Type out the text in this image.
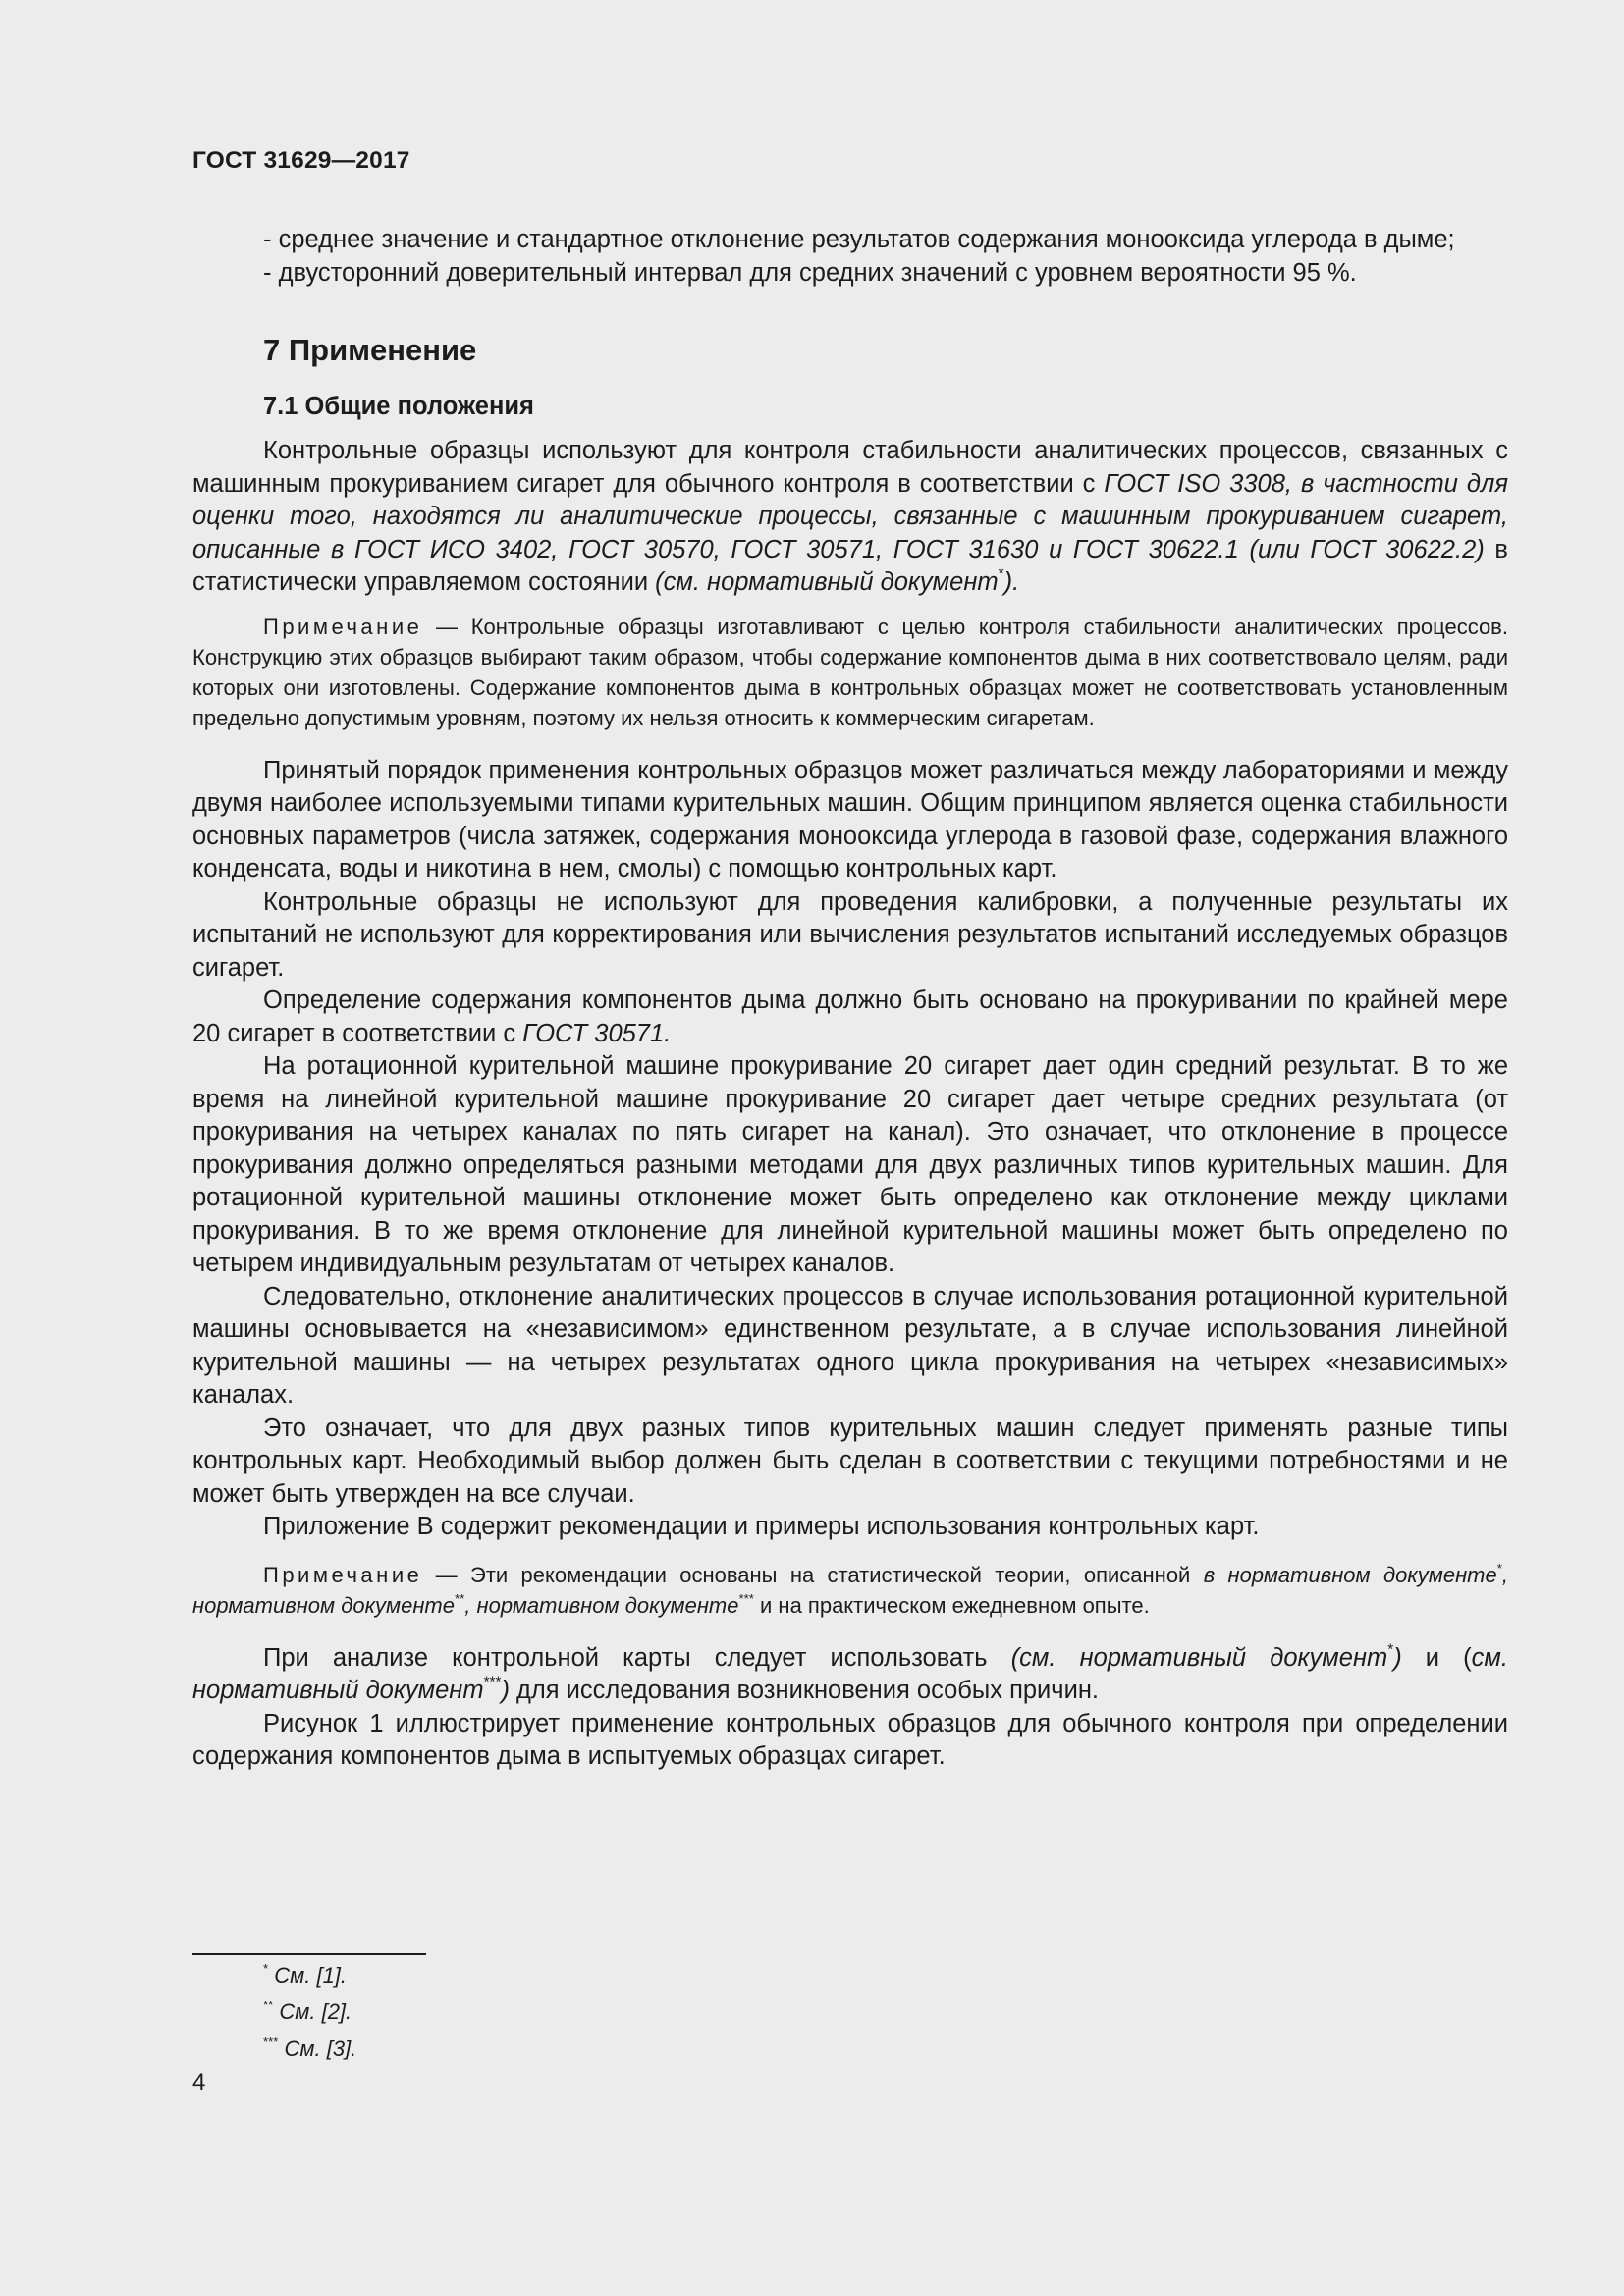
ГОСТ 31629—2017

- среднее значение и стандартное отклонение результатов содержания монооксида углерода в дыме;

- двусторонний доверительный интервал для средних значений с уровнем вероятности 95 %.

7 Применение
7.1 Общие положения

Контрольные образцы используют для контроля стабильности аналитических процессов, связанных с машинным прокуриванием сигарет для обычного контроля в соответствии с ГОСТ ISO 3308, в частности для оценки того, находятся ли аналитические процессы, связанные с машинным прокуриванием сигарет, описанные в ГОСТ ИСО 3402, ГОСТ 30570, ГОСТ 30571, ГОСТ 31630 и ГОСТ 30622.1 (или ГОСТ 30622.2) в статистически управляемом состоянии (см. нормативный документ*).

Примечание — Контрольные образцы изготавливают с целью контроля стабильности аналитических процессов. Конструкцию этих образцов выбирают таким образом, чтобы содержание компонентов дыма в них соответствовало целям, ради которых они изготовлены. Содержание компонентов дыма в контрольных образцах может не соответствовать установленным предельно допустимым уровням, поэтому их нельзя относить к коммерческим сигаретам.

Принятый порядок применения контрольных образцов может различаться между лабораториями и между двумя наиболее используемыми типами курительных машин. Общим принципом является оценка стабильности основных параметров (числа затяжек, содержания монооксида углерода в газовой фазе, содержания влажного конденсата, воды и никотина в нем, смолы) с помощью контрольных карт.

Контрольные образцы не используют для проведения калибровки, а полученные результаты их испытаний не используют для корректирования или вычисления результатов испытаний исследуемых образцов сигарет.

Определение содержания компонентов дыма должно быть основано на прокуривании по крайней мере 20 сигарет в соответствии с ГОСТ 30571.

На ротационной курительной машине прокуривание 20 сигарет дает один средний результат. В то же время на линейной курительной машине прокуривание 20 сигарет дает четыре средних результата (от прокуривания на четырех каналах по пять сигарет на канал). Это означает, что отклонение в процессе прокуривания должно определяться разными методами для двух различных типов курительных машин. Для ротационной курительной машины отклонение может быть определено как отклонение между циклами прокуривания. В то же время отклонение для линейной курительной машины может быть определено по четырем индивидуальным результатам от четырех каналов.

Следовательно, отклонение аналитических процессов в случае использования ротационной курительной машины основывается на «независимом» единственном результате, а в случае использования линейной курительной машины — на четырех результатах одного цикла прокуривания на четырех «независимых» каналах.

Это означает, что для двух разных типов курительных машин следует применять разные типы контрольных карт. Необходимый выбор должен быть сделан в соответствии с текущими потребностями и не может быть утвержден на все случаи.

Приложение В содержит рекомендации и примеры использования контрольных карт.

Примечание — Эти рекомендации основаны на статистической теории, описанной в нормативном документе*, нормативном документе**, нормативном документе*** и на практическом ежедневном опыте.

При анализе контрольной карты следует использовать (см. нормативный документ*) и (см. нормативный документ***) для исследования возникновения особых причин.

Рисунок 1 иллюстрирует применение контрольных образцов для обычного контроля при определении содержания компонентов дыма в испытуемых образцах сигарет.

* См. [1].
** См. [2].
*** См. [3].
4
